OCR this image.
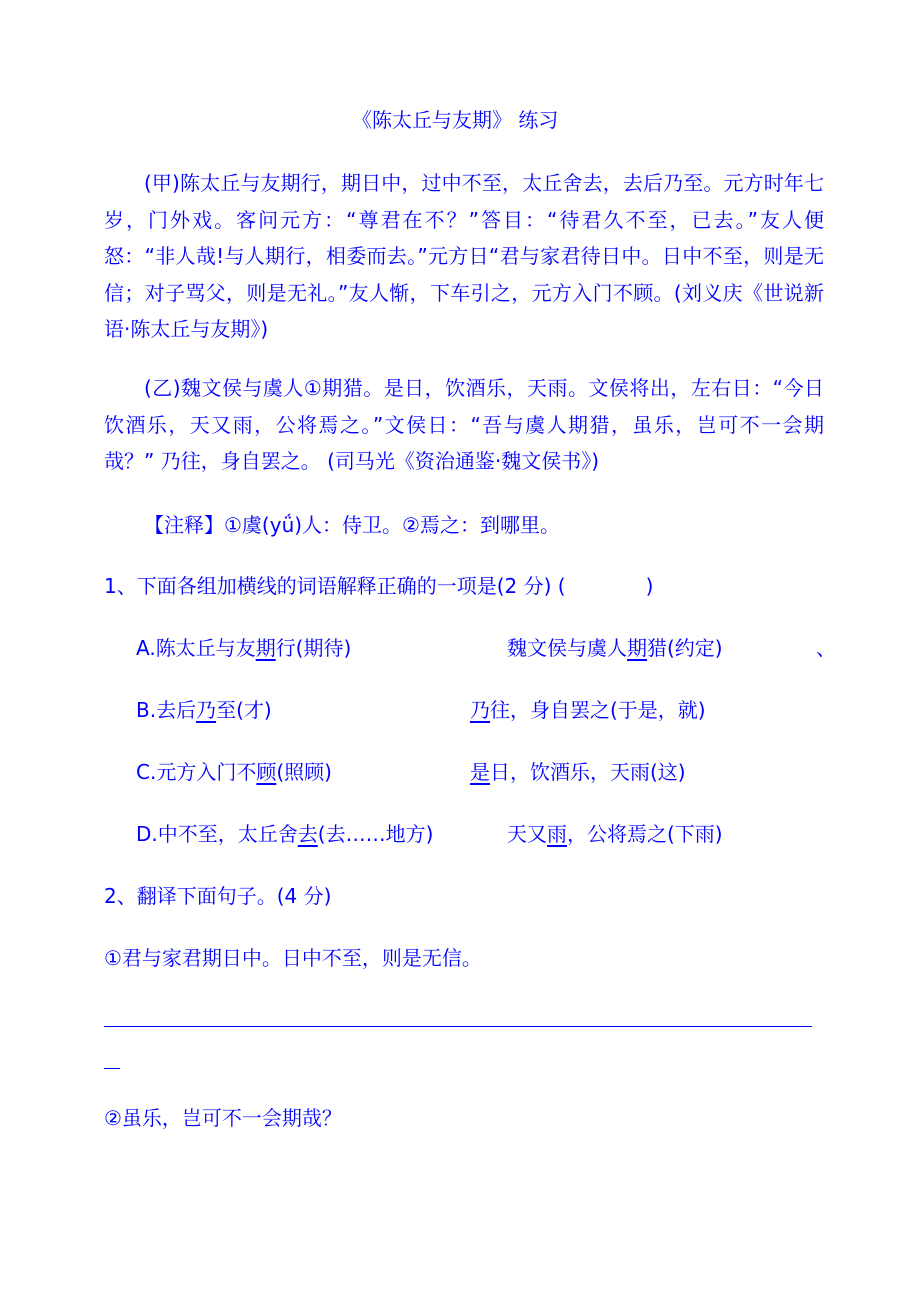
《陈太丘与友期》 练习
(甲)陈太丘与友期行，期日中，过中不至，太丘舍去，去后乃至。元方时年七岁，门外戏。客问元方：“尊君在不？”答目：“待君久不至，已去。”友人便怒：“非人哉!与人期行，相委而去。”元方日“君与家君待日中。日中不至，则是无信；对子骂父，则是无礼。”友人惭，下车引之，元方入门不顾。(刘义庆《世说新语·陈太丘与友期》)
(乙)魏文侯与虞人①期猎。是日，饮酒乐，天雨。文侯将出，左右日：“今日饮酒乐，天又雨，公将焉之。”文侯日：“吾与虞人期猎，虽乐，岂可不一会期哉？” 乃往，身自罢之。 (司马光《资治通鉴·魏文侯书》)
【注释】①虞(yǘ)人：侍卫。②焉之：到哪里。
1、下面各组加横线的词语解释正确的一项是(2 分) (　　　　)
A.陈太丘与友期行(期待)	魏文侯与虞人期猎(约定)	、
B.去后乃至(才)	乃往，身自罢之(于是，就)
C.元方入门不顾(照顾)	是日，饮酒乐，天雨(这)
D.中不至，太丘舍去(去……地方)	天又雨，公将焉之(下雨)
2、翻译下面句子。(4 分)
①君与家君期日中。日中不至，则是无信。
②虽乐，岂可不一会期哉？
